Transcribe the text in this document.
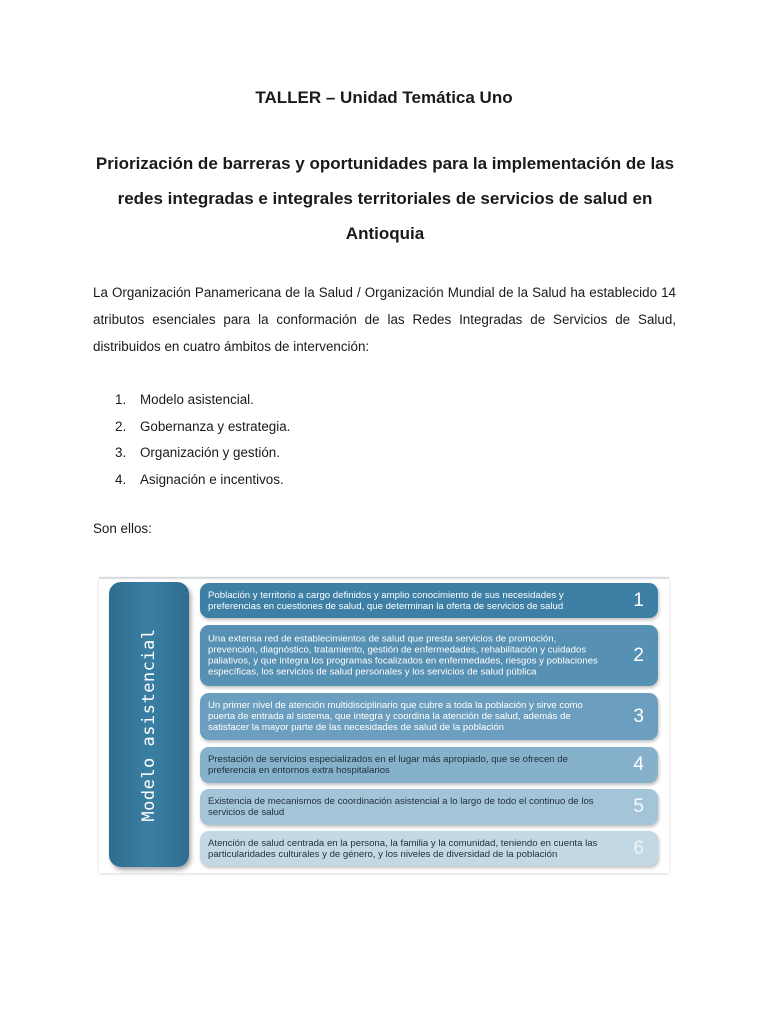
TALLER – Unidad Temática Uno
Priorización de barreras y oportunidades para la implementación de las redes integradas e integrales territoriales de servicios de salud en Antioquia

La Organización Panamericana de la Salud / Organización Mundial de la Salud ha establecido 14 atributos esenciales para la conformación de las Redes Integradas de Servicios de Salud, distribuidos en cuatro ámbitos de intervención:

1.	Modelo asistencial.
2.	Gobernanza y estrategia.
3.	Organización y gestión.
4.	Asignación e incentivos.

Son ellos:

Modelo asistencial

Población y territorio a cargo definidos y amplio conocimiento de sus necesidades y preferencias en cuestiones de salud, que determinan la oferta de servicios de salud	1

Una extensa red de establecimientos de salud que presta servicios de promoción, prevención, diagnóstico, tratamiento, gestión de enfermedades, rehabilitación y cuidados paliativos, y que integra los programas focalizados en enfermedades, riesgos y poblaciones específicas, los servicios de salud personales y los servicios de salud pública

2

Un primer nivel de atención multidisciplinario que cubre a toda la población y sirve como puerta de entrada al sistema, que integra y coordina la atención de salud, además de satisfacer la mayor parte de las necesidades de salud de la población

3

Prestación de servicios especializados en el lugar más apropiado, que se ofrecen de preferencia en entornos extra hospitalarios	4

Existencia de mecanismos de coordinación asistencial a lo largo de todo el continuo de los servicios de salud	5

Atención de salud centrada en la persona, la familia y la comunidad, teniendo en cuenta las particularidades culturales y de género, y los niveles de diversidad de la población	6
